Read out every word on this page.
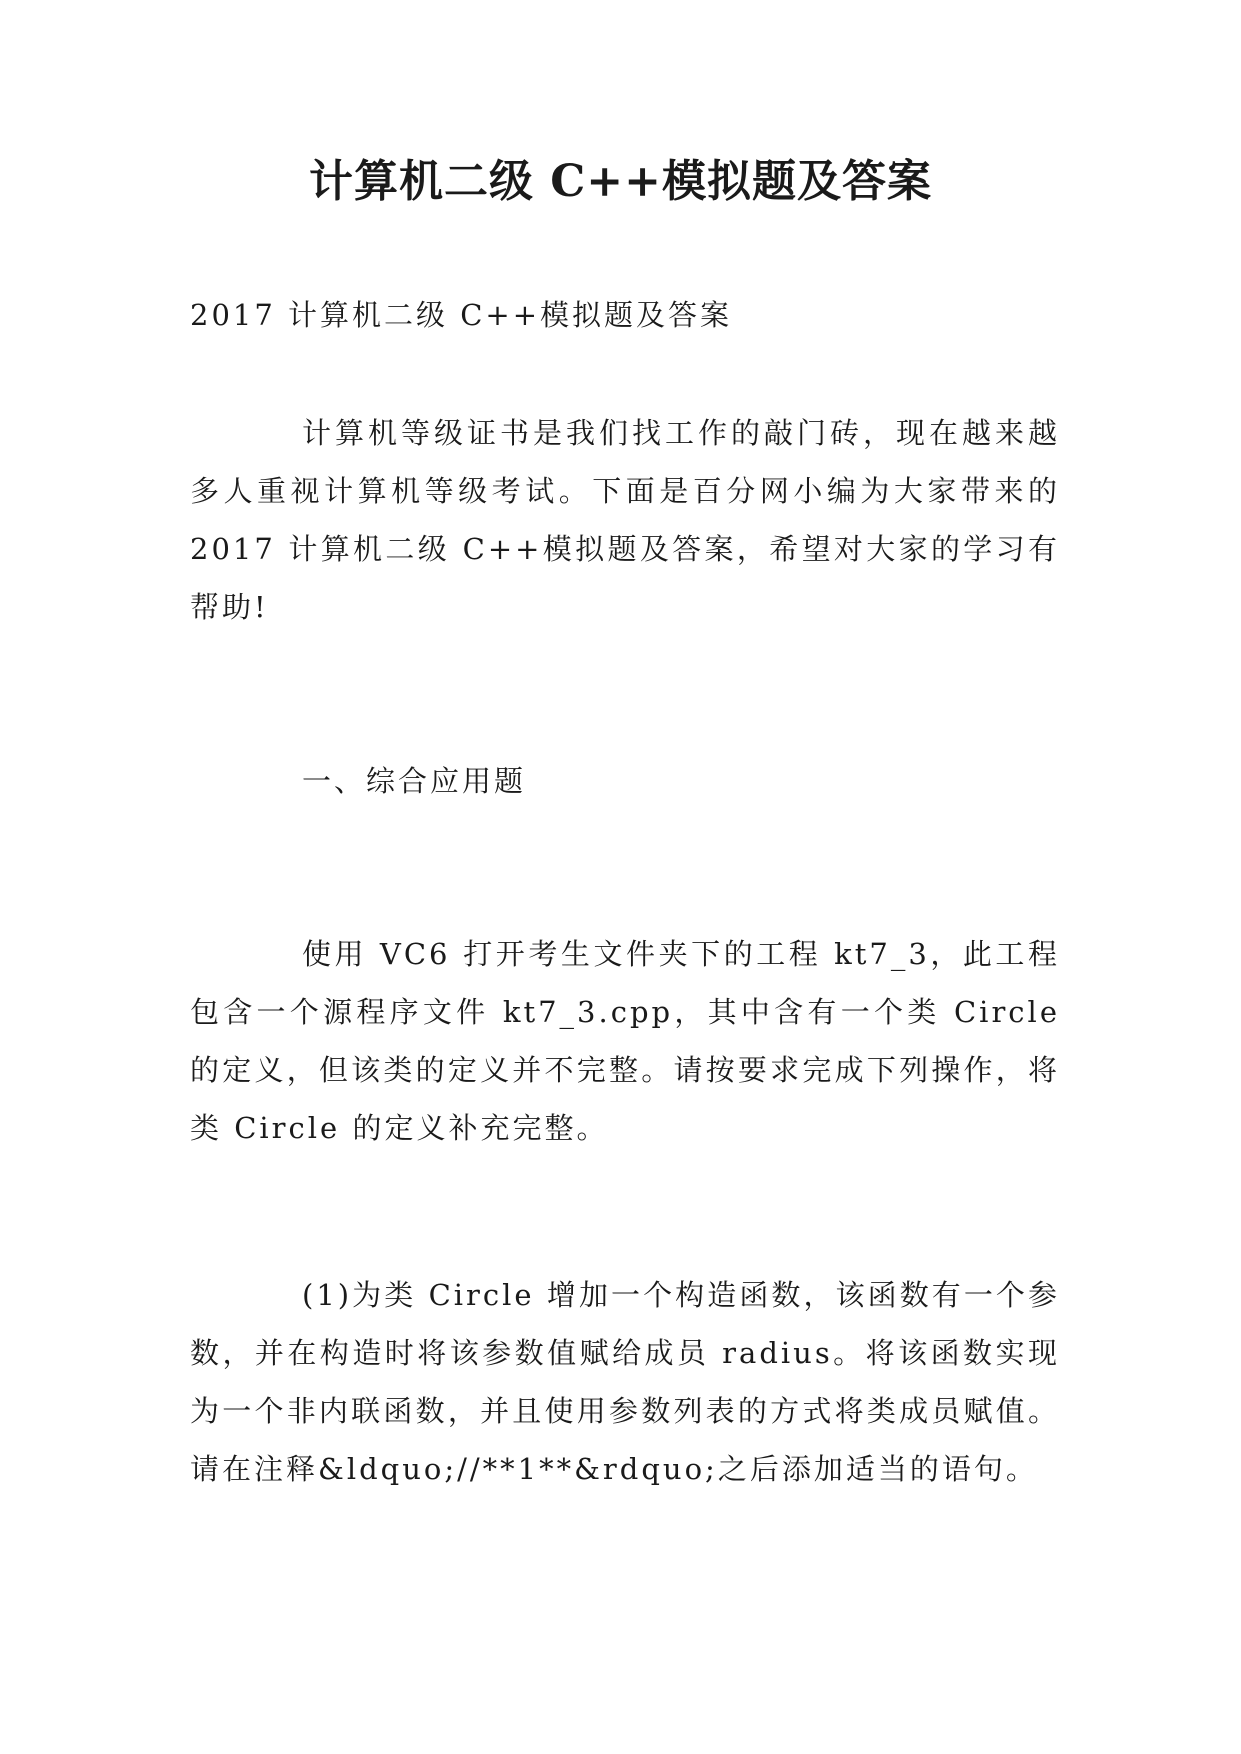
计算机二级 C++模拟题及答案

2017 计算机二级 C++模拟题及答案

计算机等级证书是我们找工作的敲门砖，现在越来越多人重视计算机等级考试。下面是百分网小编为大家带来的 2017 计算机二级 C++模拟题及答案，希望对大家的学习有帮助!

一、综合应用题

使用 VC6 打开考生文件夹下的工程 kt7_3，此工程包含一个源程序文件 kt7_3.cpp，其中含有一个类 Circle 的定义，但该类的定义并不完整。请按要求完成下列操作，将类 Circle 的定义补充完整。

(1)为类 Circle 增加一个构造函数，该函数有一个参数，并在构造时将该参数值赋给成员 radius。将该函数实现为一个非内联函数，并且使用参数列表的方式将类成员赋值。请在注释&ldquo;//**1**&rdquo;之后添加适当的语句。
